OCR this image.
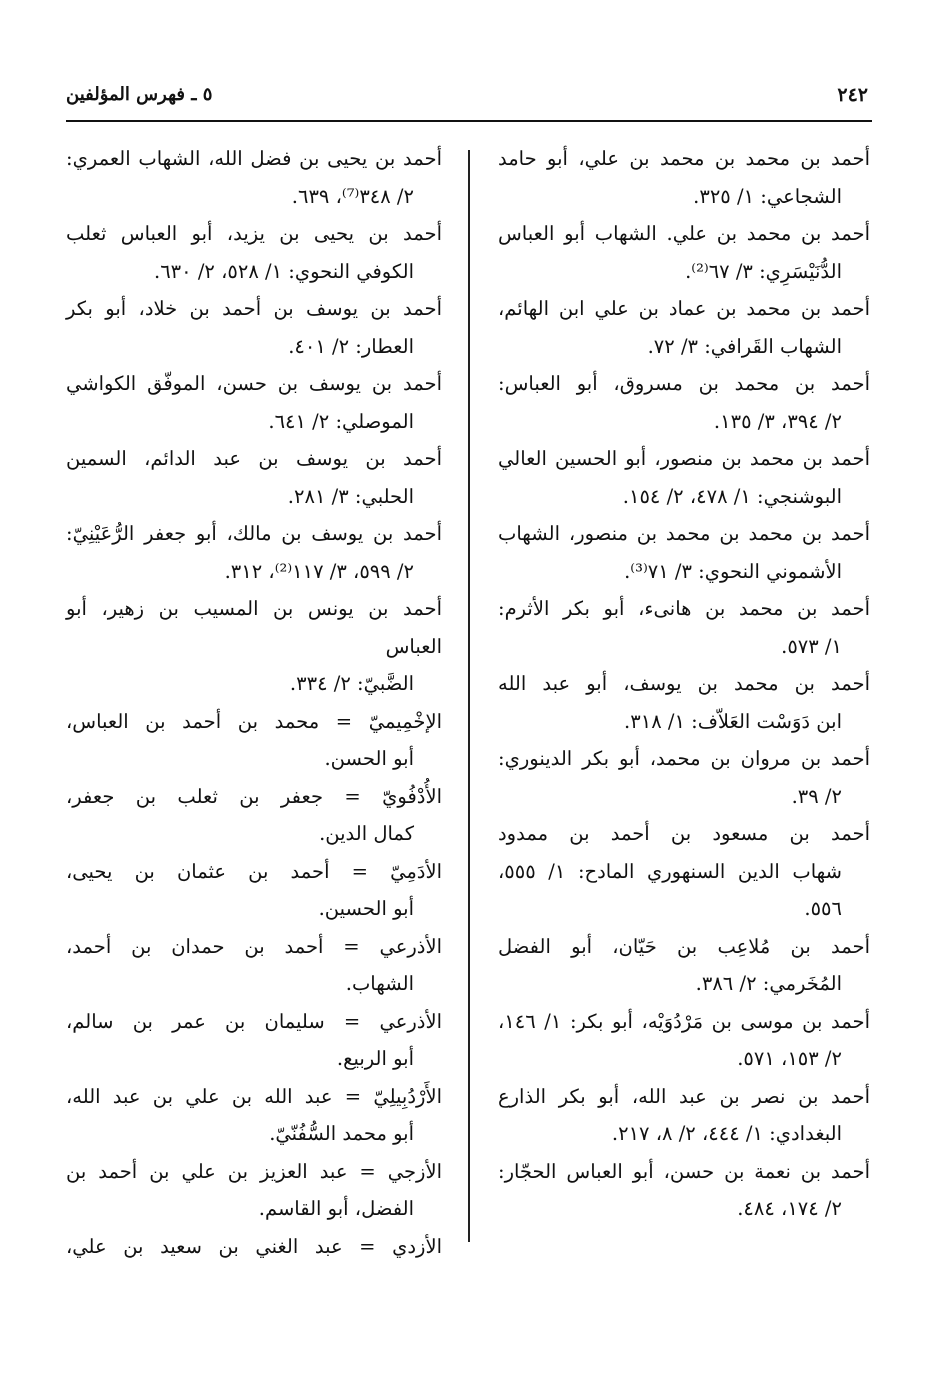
٢٤٢
٥ ـ فهرس المؤلفين
أحمد بن محمد بن محمد بن علي، أبو حامد
الشجاعي: ١/ ٣٢٥.
أحمد بن محمد بن علي. الشهاب أبو العباس
الدُّنَيْسَرِي: ٣/ ٦٧⁽²⁾.
أحمد بن محمد بن عماد بن علي ابن الهائم،
الشهاب القَرافي: ٣/ ٧٢.
أحمد بن محمد بن مسروق، أبو العباس:
٢/ ٣٩٤، ٣/ ١٣٥.
أحمد بن محمد بن منصور، أبو الحسين العالي
البوشنجي: ١/ ٤٧٨، ٢/ ١٥٤.
أحمد بن محمد بن محمد بن منصور، الشهاب
الأشموني النحوي: ٣/ ٧١⁽³⁾.
أحمد بن محمد بن هانىء، أبو بكر الأثرم:
١/ ٥٧٣.
أحمد بن محمد بن يوسف، أبو عبد الله
ابن دَوَسْت العَلاّف: ١/ ٣١٨.
أحمد بن مروان بن محمد، أبو بكر الدينوري:
٢/ ٣٩.
أحمد بن مسعود بن أحمد بن ممدود
شهاب الدين السنهوري المادح: ١/ ٥٥٥، ٥٥٦.
أحمد بن مُلاعِب بن حَيّان، أبو الفضل
المُخَرمي: ٢/ ٣٨٦.
أحمد بن موسى بن مَرْدُوَيْه، أبو بكر: ١/ ١٤٦،
٢/ ١٥٣، ٥٧١.
أحمد بن نصر بن عبد الله، أبو بكر الذارع
البغدادي: ١/ ٤٤٤، ٢/ ٨، ٢١٧.
أحمد بن نعمة بن حسن، أبو العباس الحجّار:
٢/ ١٧٤، ٤٨٤.
أحمد بن يحيى بن فضل الله، الشهاب العمري:
٢/ ٣٤٨⁽⁷⁾، ٦٣٩.
أحمد بن يحيى بن يزيد، أبو العباس ثعلب
الكوفي النحوي: ١/ ٥٢٨، ٢/ ٦٣٠.
أحمد بن يوسف بن أحمد بن خلاد، أبو بكر
العطار: ٢/ ٤٠١.
أحمد بن يوسف بن حسن، الموفّق الكواشي
الموصلي: ٢/ ٦٤١.
أحمد بن يوسف بن عبد الدائم، السمين
الحلبي: ٣/ ٢٨١.
أحمد بن يوسف بن مالك، أبو جعفر الرُّعَيْنِيّ:
٢/ ٥٩٩، ٣/ ١١٧⁽²⁾، ٣١٢.
أحمد بن يونس بن المسيب بن زهير، أبو العباس
الضَّبيّ: ٢/ ٣٣٤.
الإخْمِيميّ = محمد بن أحمد بن العباس،
أبو الحسن.
الأُدْفُويّ = جعفر بن ثعلب بن جعفر،
كمال الدين.
الأدَمِيّ = أحمد بن عثمان بن يحيى،
أبو الحسين.
الأذرعي = أحمد بن حمدان بن أحمد،
الشهاب.
الأذرعي = سليمان بن عمر بن سالم،
أبو الربيع.
الأَرْدُبِيلِيّ = عبد الله بن علي بن عبد الله،
أبو محمد السُّفُنّيّ.
الأزجي = عبد العزيز بن علي بن أحمد بن
الفضل، أبو القاسم.
الأزدي = عبد الغني بن سعيد بن علي،
